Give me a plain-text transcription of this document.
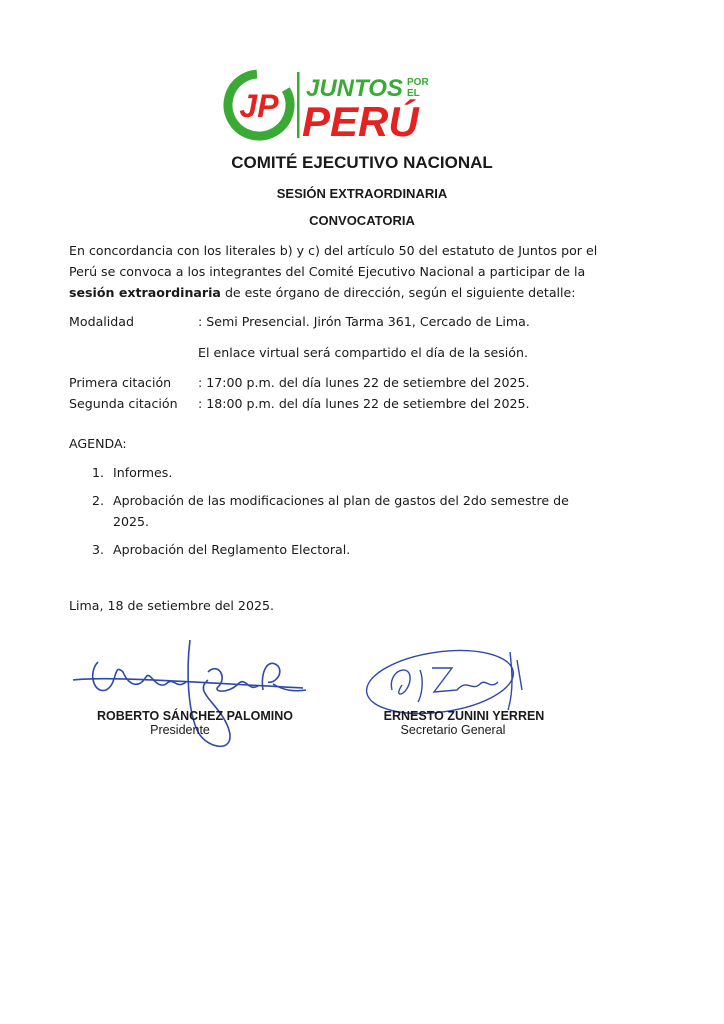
JP JUNTOS POR
EL
PERÚ
COMITÉ EJECUTIVO NACIONAL
SESIÓN EXTRAORDINARIA
CONVOCATORIA
En concordancia con los literales b) y c) del artículo 50 del estatuto de Juntos por el
Perú se convoca a los integrantes del Comité Ejecutivo Nacional a participar de la
sesión extraordinaria de este órgano de dirección, según el siguiente detalle:
Modalidad	: Semi Presencial. Jirón Tarma 361, Cercado de Lima.
El enlace virtual será compartido el día de la sesión.
Primera citación : 17:00 p.m. del día lunes 22 de setiembre del 2025.
Segunda citación : 18:00 p.m. del día lunes 22 de setiembre del 2025.
AGENDA:
1. Informes.
2. Aprobación de las modificaciones al plan de gastos del 2do semestre de
2025.
3. Aprobación del Reglamento Electoral.
Lima, 18 de setiembre del 2025.
ROBERTO SÁNCHEZ PALOMINO
Presidente
ERNESTO ZUNINI YERREN
Secretario General
